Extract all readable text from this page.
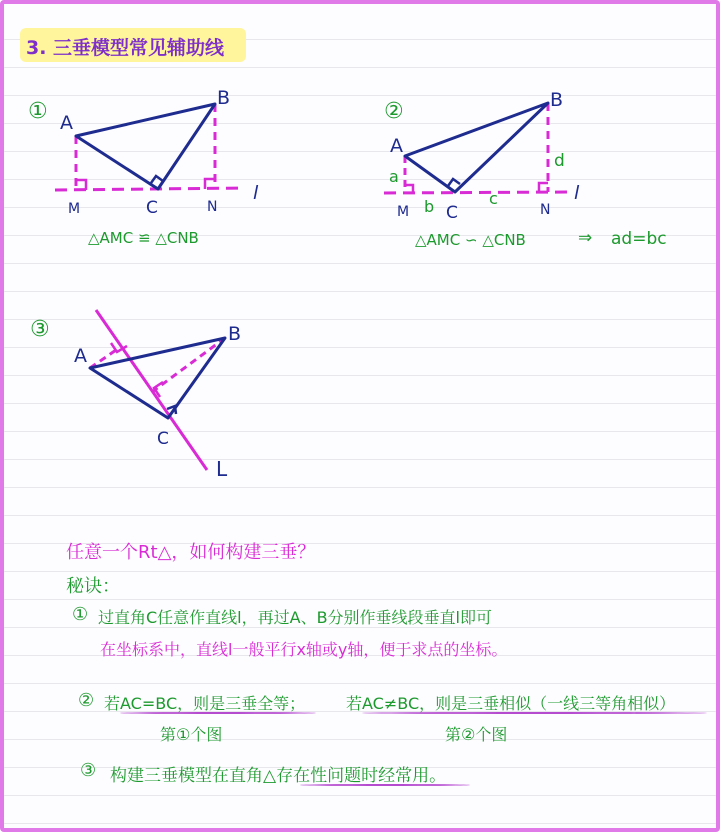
3. 三垂模型常见辅助线
① A
B
C
M	N
l
②
A
B
C
M	N
l
a
b	c
d
③
A
B
C
L
△AMC ≌ △CNB	△AMC ∽ △CNB	⇒ ad=bc
任意一个Rt△，如何构建三垂？
秘诀：
① 过直角C任意作直线l，再过A、B分别作垂线段垂直l即可
在坐标系中，直线l一般平行x轴或y轴，便于求点的坐标。
② 若AC=BC，则是三垂全等；	若AC≠BC，则是三垂相似（一线三等角相似）
第①个图	第②个图
③ 构建三垂模型在直角△存在性问题时经常用。
